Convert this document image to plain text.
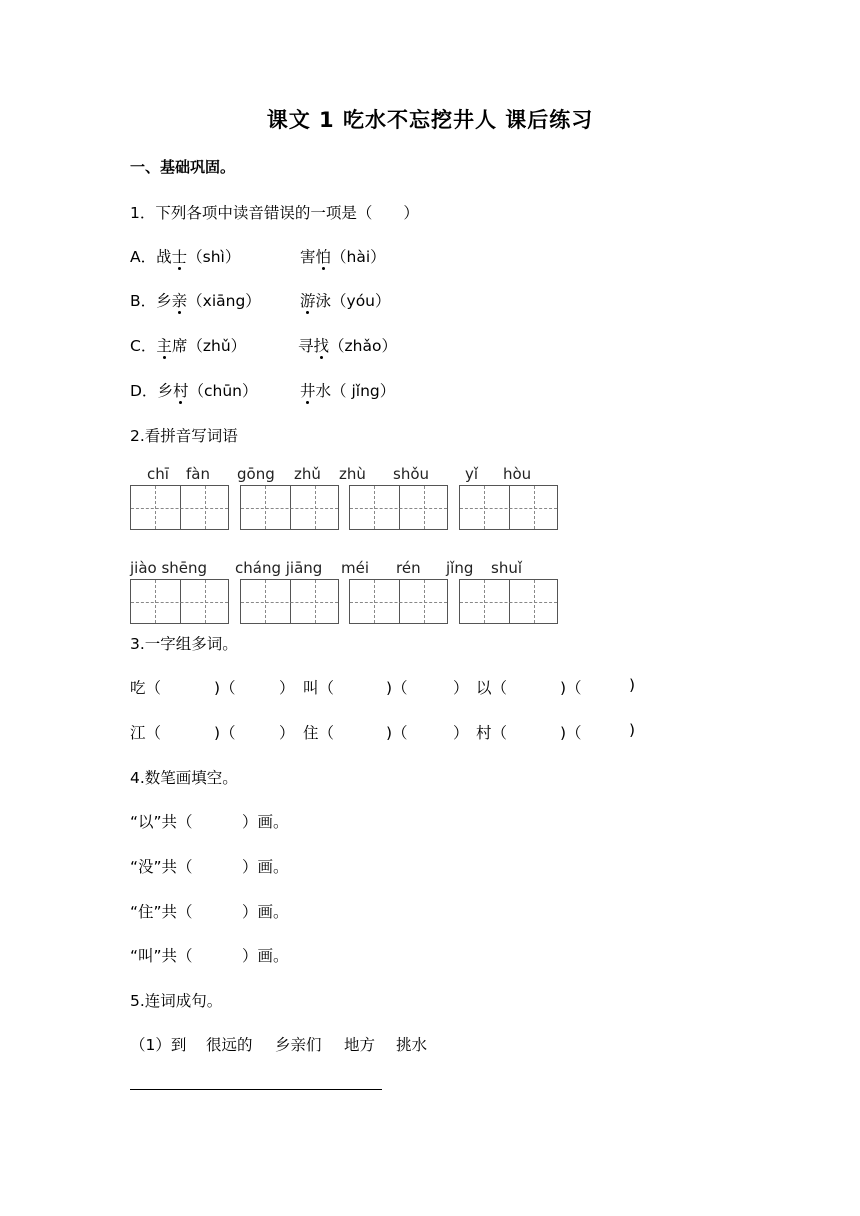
课文 1 吃水不忘挖井人 课后练习
一、基础巩固。
1．下列各项中读音错误的一项是（　　）
A．战士（shì）	害怕（hài）
B．乡亲（xiāng）	游泳（yóu）
C．主席（zhǔ）	寻找（zhǎo）
D．乡村（chūn）	井水（ jǐng）
2.看拼音写词语
chī fàn gōng zhǔ zhù shǒu yǐ hòu
jiào shēng cháng jiāng méi rén jǐng shuǐ
3.一字组多词。
吃（	)（	） 叫（	)（	） 以（	)（	)
江（	)（	） 住（	)（	） 村（	)（	)
4.数笔画填空。
“以”共（	）画。
“没”共（	）画。
“住”共（	）画。
“叫”共（	）画。
5.连词成句。
（1）到 很远的 乡亲们 地方 挑水
